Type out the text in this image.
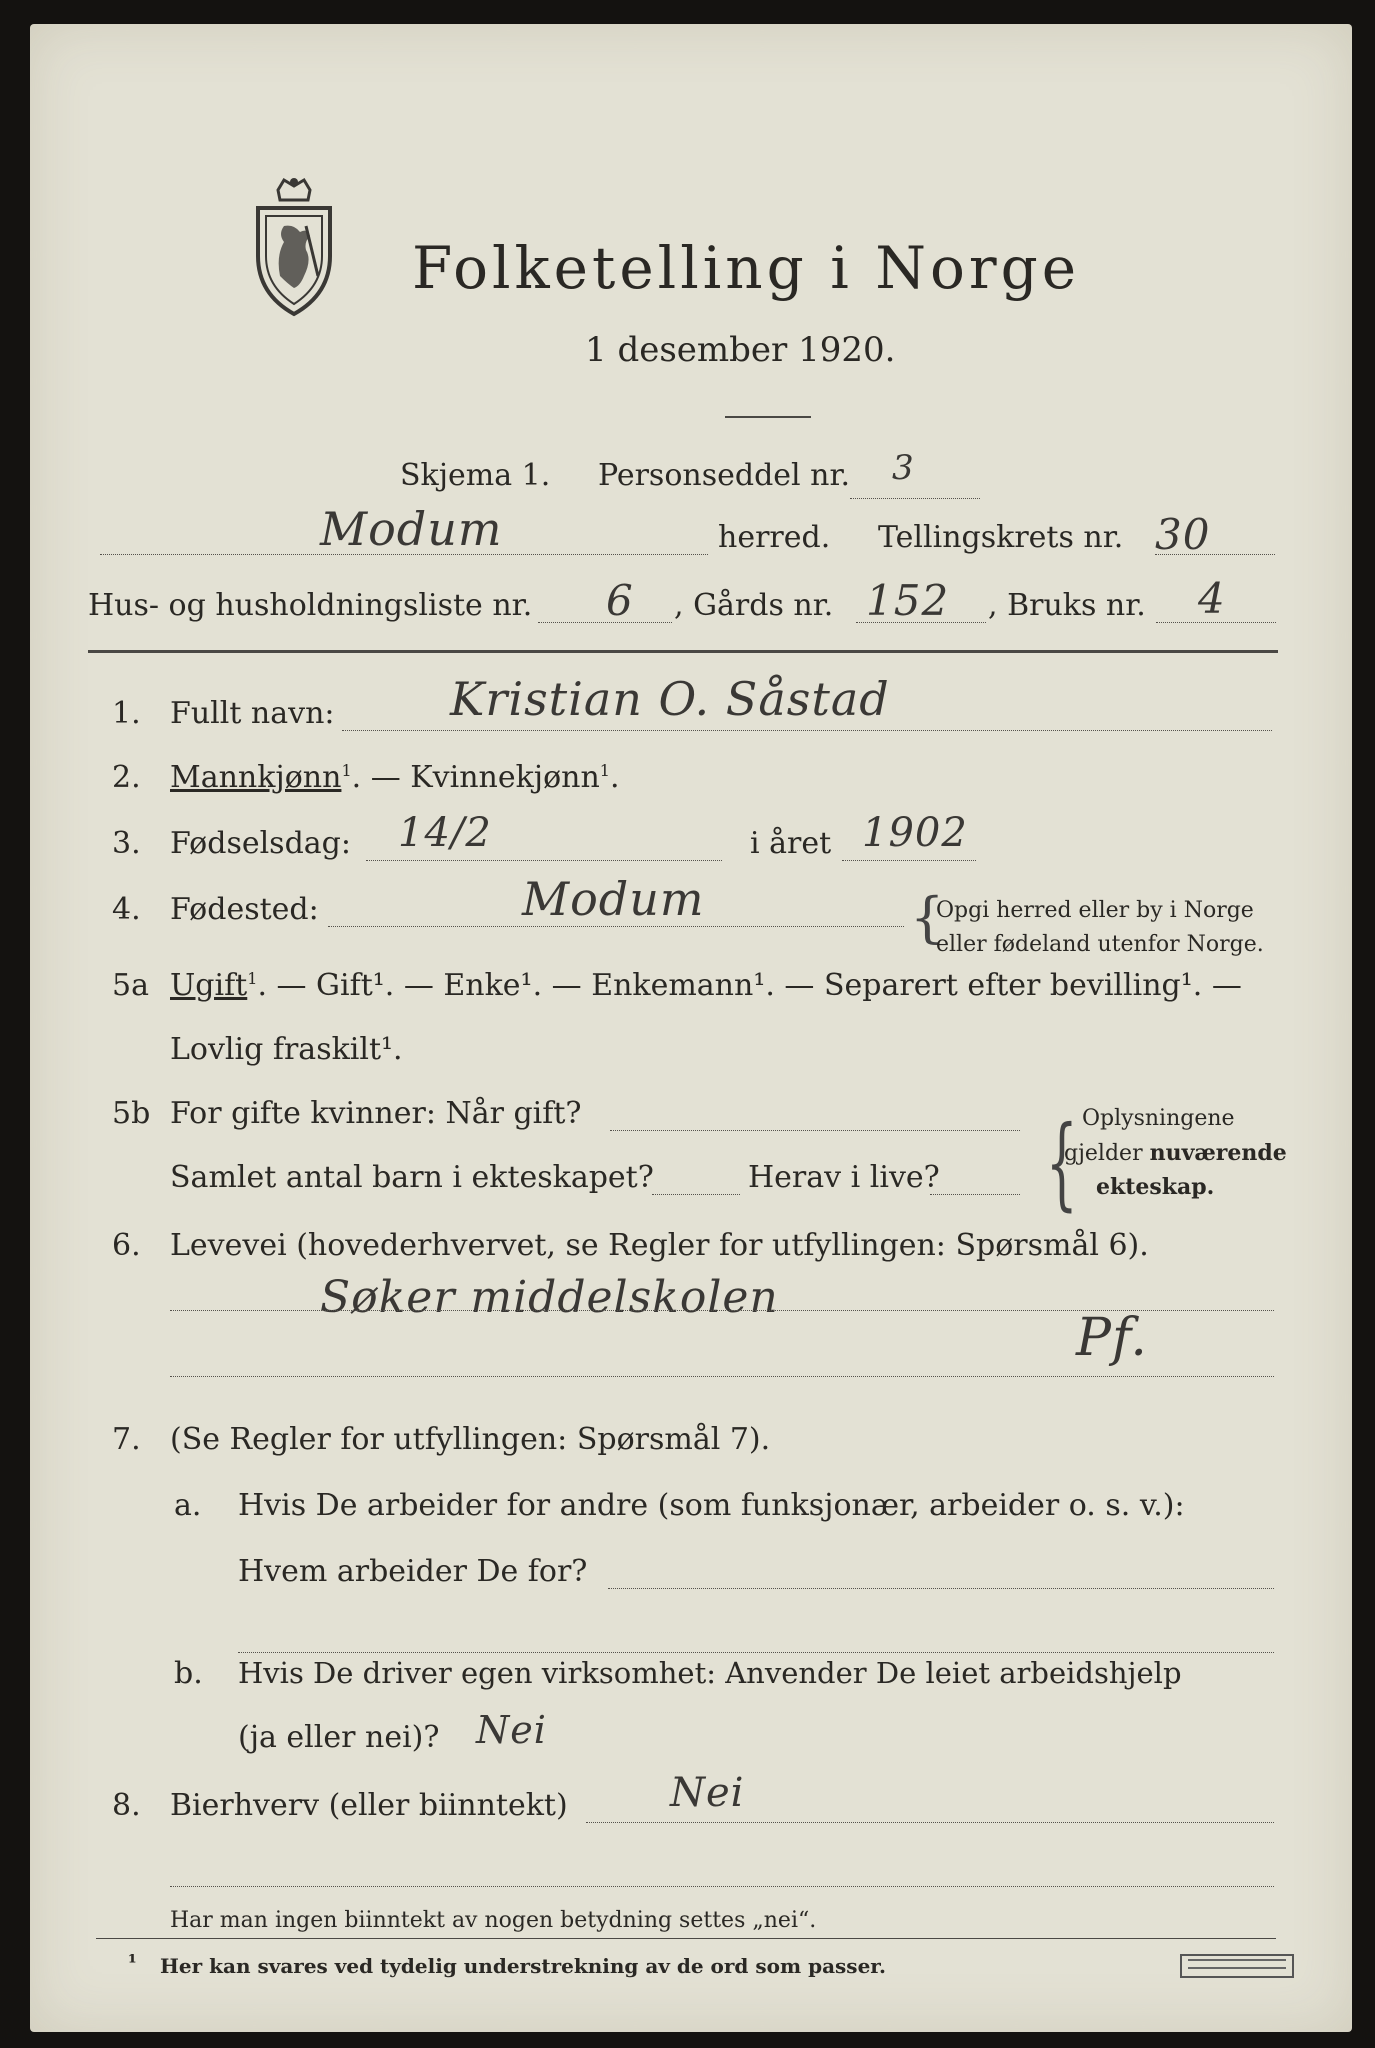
Folketelling i Norge
1 desember 1920.
Skjema 1. Personseddel nr. 3
Modum	herred. Tellingskrets nr. 30
Hus- og husholdningsliste nr. 6 , Gårds nr. 152 , Bruks nr. 4
1. Fullt navn:	Kristian O. Såstad
2. Mannkjønn$^1$. — Kvinnekjønn$^1$.
3. Fødselsdag: 14/2	i året 1902
4. Fødested:	Modum	{
Opgi herred eller by i Norge
eller fødeland utenfor Norge.
5a Ugift$^1$. — Gift¹. — Enke¹. — Enkemann¹. — Separert efter bevilling¹. —
Lovlig fraskilt¹.
5b For gifte kvinner: Når gift?
Samlet antal barn i ekteskapet?	Herav i live? { Oplysningene
gjelder nuværende
ekteskap.
6. Levevei (hovederhvervet, se Regler for utfyllingen: Spørsmål 6).
Søker middelskolen
Pf.
7. (Se Regler for utfyllingen: Spørsmål 7).
a. Hvis De arbeider for andre (som funksjonær, arbeider o. s. v.):
Hvem arbeider De for?
b. Hvis De driver egen virksomhet: Anvender De leiet arbeidshjelp
(ja eller nei)? Nei
8. Bierhverv (eller biinntekt)	Nei
Har man ingen biinntekt av nogen betydning settes „nei“.
¹ Her kan svares ved tydelig understrekning av de ord som passer.
